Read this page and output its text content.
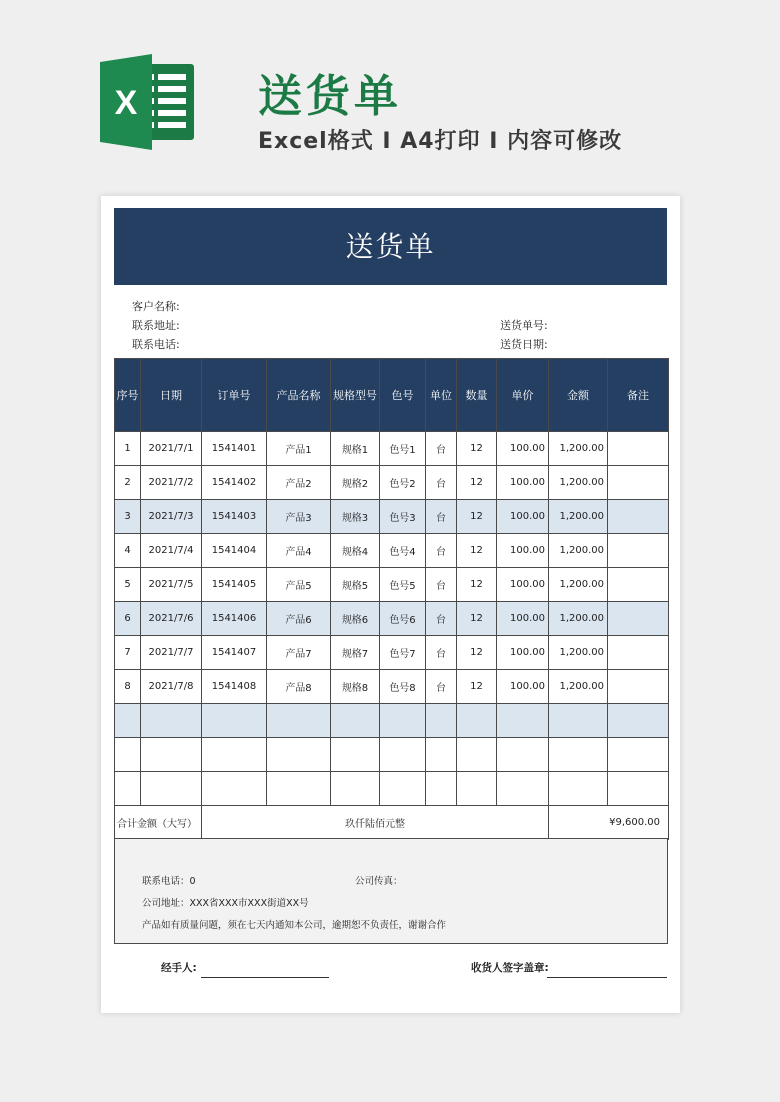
X	送货单
Excel格式 I A4打印 I 内容可修改
送货单
客户名称:
联系地址:
联系电话:
送货单号:
送货日期:
序号	日期	订单号	产品名称	规格型号	色号	单位	数量	单价	金额	备注
1	2021/7/1	1541401	产品1	规格1	色号1	台	12	100.00	1,200.00	
2	2021/7/2	1541402	产品2	规格2	色号2	台	12	100.00	1,200.00	
3	2021/7/3	1541403	产品3	规格3	色号3	台	12	100.00	1,200.00	
4	2021/7/4	1541404	产品4	规格4	色号4	台	12	100.00	1,200.00	
5	2021/7/5	1541405	产品5	规格5	色号5	台	12	100.00	1,200.00	
6	2021/7/6	1541406	产品6	规格6	色号6	台	12	100.00	1,200.00	
7	2021/7/7	1541407	产品7	规格7	色号7	台	12	100.00	1,200.00	
8	2021/7/8	1541408	产品8	规格8	色号8	台	12	100.00	1,200.00	

合计金额（大写）		玖仟陆佰元整							¥9,600.00	
联系电话：0	公司传真：
公司地址：XXX省XXX市XXX街道XX号
产品如有质量问题，须在七天内通知本公司，逾期恕不负责任，谢谢合作
经手人:	收货人签字盖章:
